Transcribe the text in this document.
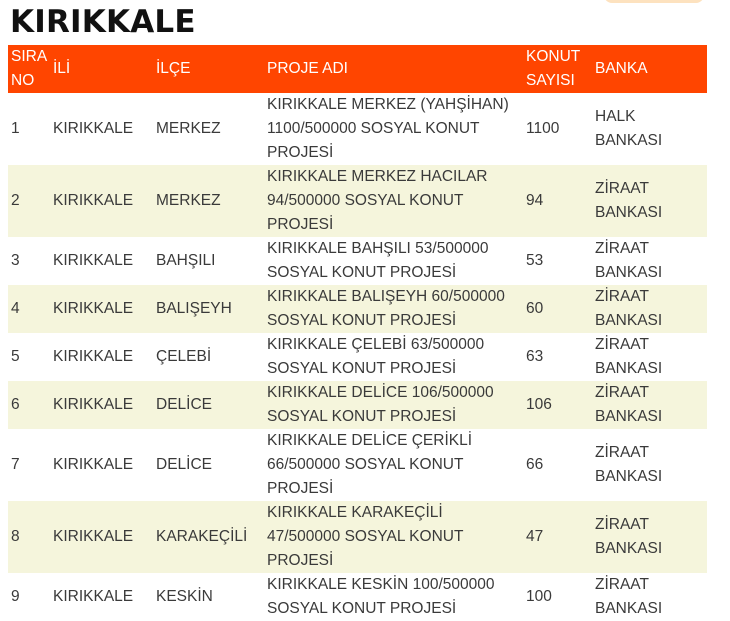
KIRIKKALE
SIRA NO	İLİ	İLÇE	PROJE ADI	KONUT SAYISI	BANKA
1	KIRIKKALE	MERKEZ	KIRIKKALE MERKEZ (YAHŞİHAN) 1100/500000 SOSYAL KONUT PROJESİ	1100	HALK BANKASI
2	KIRIKKALE	MERKEZ	KIRIKKALE MERKEZ HACILAR 94/500000 SOSYAL KONUT PROJESİ	94	ZİRAAT BANKASI
3	KIRIKKALE	BAHŞILI	KIRIKKALE BAHŞILI 53/500000 SOSYAL KONUT PROJESİ	53	ZİRAAT BANKASI
4	KIRIKKALE	BALIŞEYH	KIRIKKALE BALIŞEYH 60/500000 SOSYAL KONUT PROJESİ	60	ZİRAAT BANKASI
5	KIRIKKALE	ÇELEBİ	KIRIKKALE ÇELEBİ 63/500000 SOSYAL KONUT PROJESİ	63	ZİRAAT BANKASI
6	KIRIKKALE	DELİCE	KIRIKKALE DELİCE 106/500000 SOSYAL KONUT PROJESİ	106	ZİRAAT BANKASI
7	KIRIKKALE	DELİCE	KIRIKKALE DELİCE ÇERİKLİ 66/500000 SOSYAL KONUT PROJESİ	66	ZİRAAT BANKASI
8	KIRIKKALE	KARAKEÇİLİ	KIRIKKALE KARAKEÇİLİ 47/500000 SOSYAL KONUT PROJESİ	47	ZİRAAT BANKASI
9	KIRIKKALE	KESKİN	KIRIKKALE KESKİN 100/500000 SOSYAL KONUT PROJESİ	100	ZİRAAT BANKASI
